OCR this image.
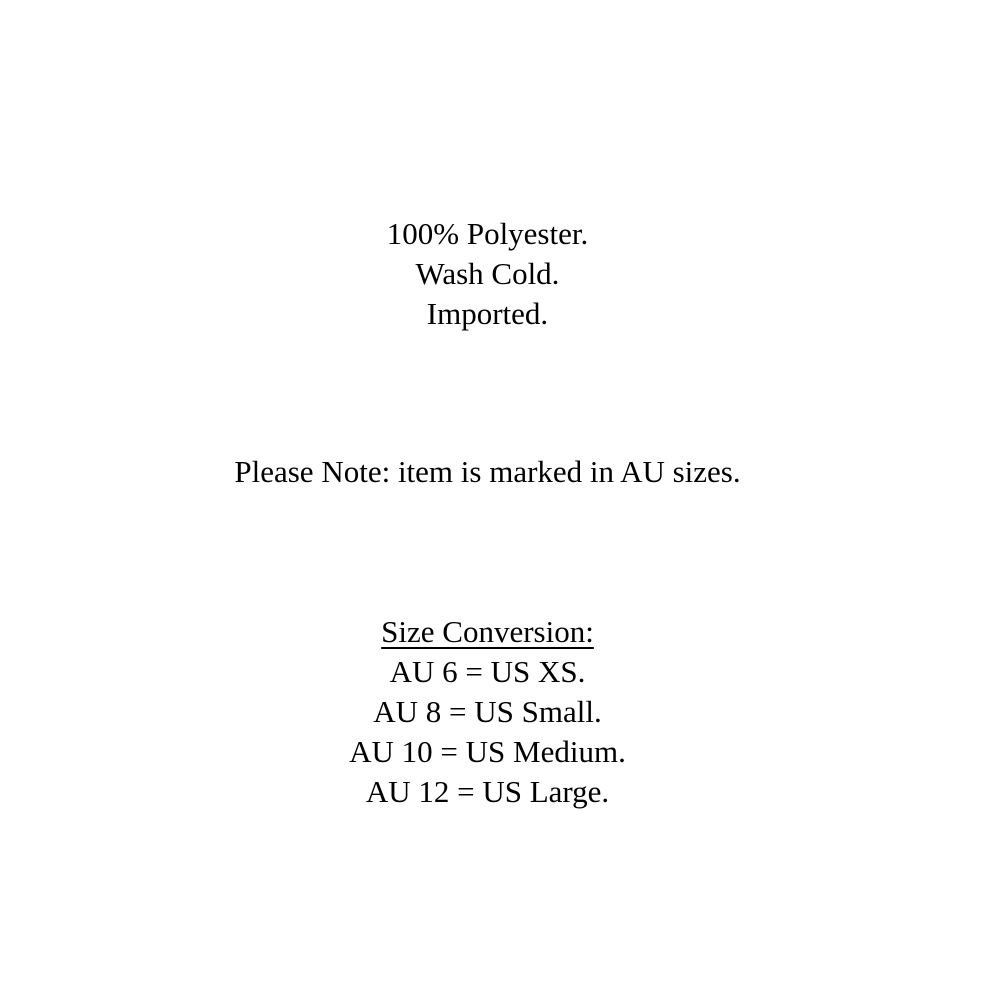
100% Polyester.
Wash Cold.
Imported.
Please Note: item is marked in AU sizes.
Size Conversion:
AU 6 = US XS.
AU 8 = US Small.
AU 10 = US Medium.
AU 12 = US Large.
